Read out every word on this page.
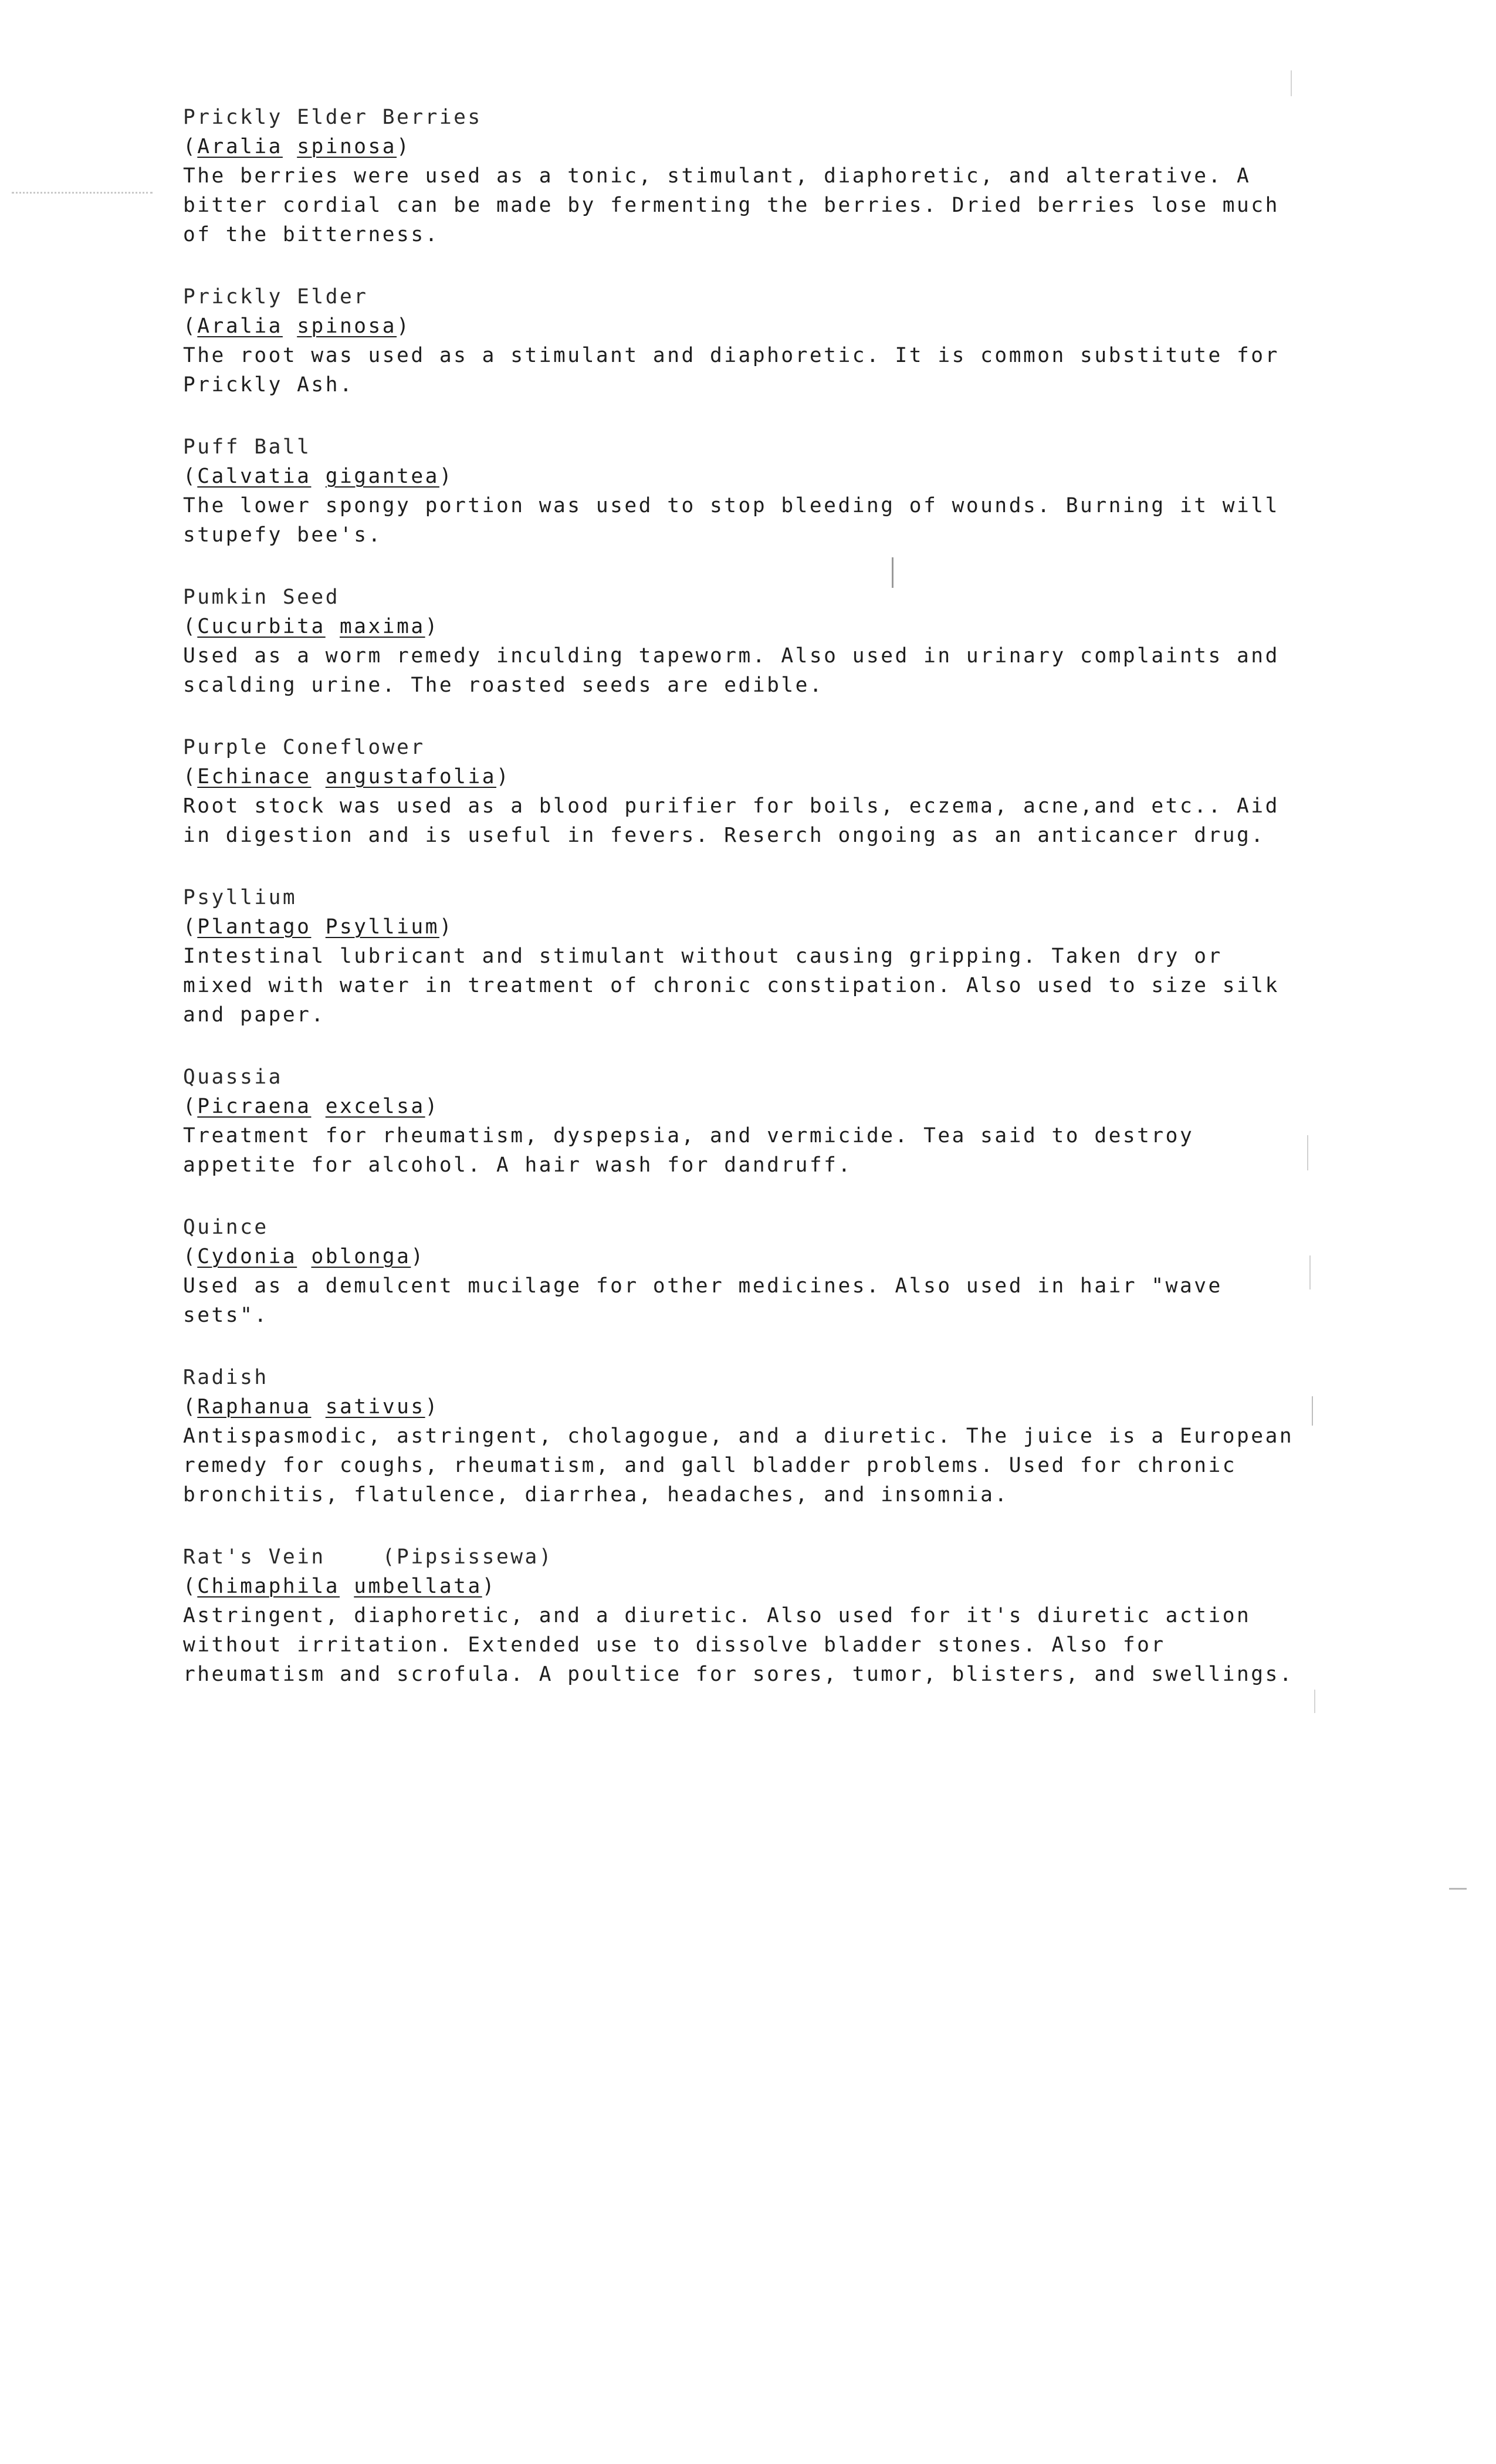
Prickly Elder Berries

(Aralia spinosa)

The berries were used as a tonic, stimulant, diaphoretic, and alterative. A

bitter cordial can be made by fermenting the berries. Dried berries lose much

of the bitterness.

Prickly Elder

(Aralia spinosa)

The root was used as a stimulant and diaphoretic. It is common substitute for

Prickly Ash.

Puff Ball

(Calvatia gigantea)

The lower spongy portion was used to stop bleeding of wounds. Burning it will

stupefy bee's.

Pumkin Seed

(Cucurbita maxima)

Used as a worm remedy inculding tapeworm. Also used in urinary complaints and

scalding urine. The roasted seeds are edible.

Purple Coneflower

(Echinace angustafolia)

Root stock was used as a blood purifier for boils, eczema, acne,and etc.. Aid

in digestion and is useful in fevers. Reserch ongoing as an anticancer drug.

Psyllium

(Plantago Psyllium)

Intestinal lubricant and stimulant without causing gripping. Taken dry or

mixed with water in treatment of chronic constipation. Also used to size silk

and paper.

Quassia

(Picraena excelsa)

Treatment for rheumatism, dyspepsia, and vermicide. Tea said to destroy

appetite for alcohol. A hair wash for dandruff.

Quince

(Cydonia oblonga)

Used as a demulcent mucilage for other medicines. Also used in hair "wave

sets".

Radish

(Raphanua sativus)

Antispasmodic, astringent, cholagogue, and a diuretic. The juice is a European

remedy for coughs, rheumatism, and gall bladder problems. Used for chronic

bronchitis, flatulence, diarrhea, headaches, and insomnia.

Rat's Vein    (Pipsissewa)

(Chimaphila umbellata)

Astringent, diaphoretic, and a diuretic. Also used for it's diuretic action

without irritation. Extended use to dissolve bladder stones. Also for

rheumatism and scrofula. A poultice for sores, tumor, blisters, and swellings.
